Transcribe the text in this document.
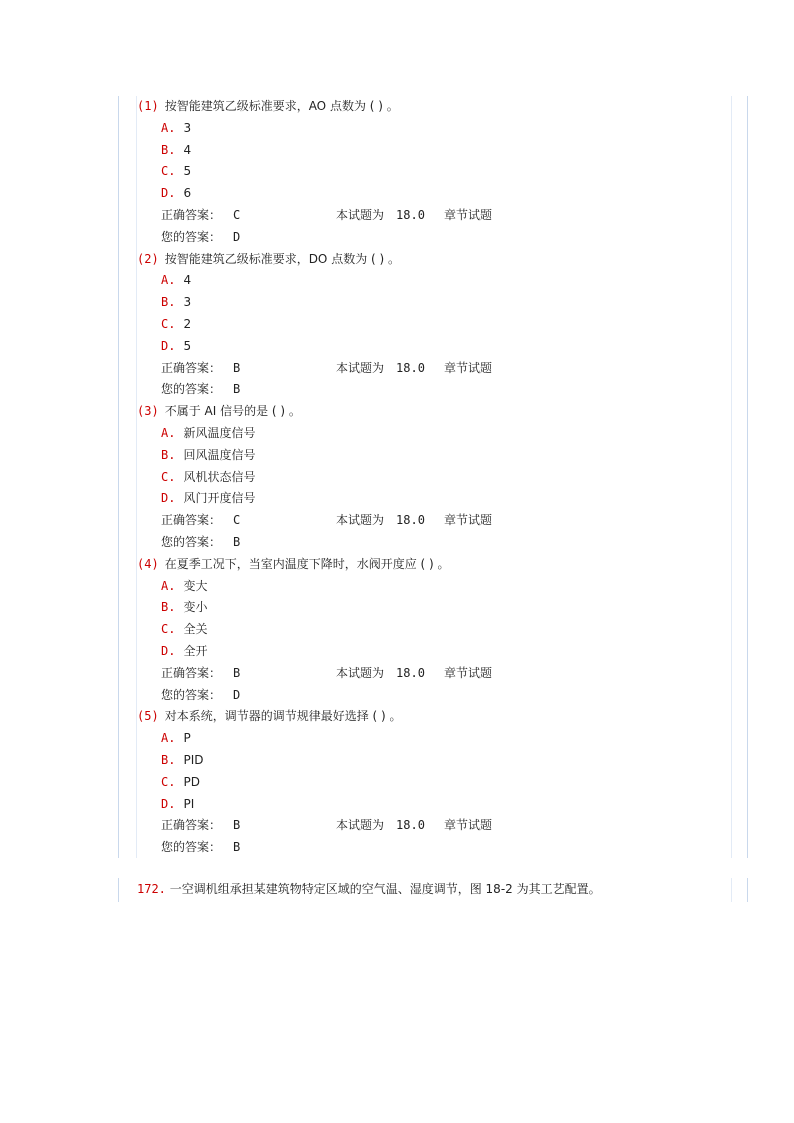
(1) 按智能建筑乙级标准要求，AO 点数为 ( ) 。
A. 3
B. 4
C. 5
D. 6
正确答案： C	本试题为 18.0 章节试题
您的答案： D
(2) 按智能建筑乙级标准要求，DO 点数为 ( ) 。
A. 4
B. 3
C. 2
D. 5
正确答案： B	本试题为 18.0 章节试题
您的答案： B
(3) 不属于 AI 信号的是 ( ) 。
A. 新风温度信号
B. 回风温度信号
C. 风机状态信号
D. 风门开度信号
正确答案： C	本试题为 18.0 章节试题
您的答案： B
(4) 在夏季工况下，当室内温度下降时，水阀开度应 ( ) 。
A. 变大
B. 变小
C. 全关
D. 全开
正确答案： B	本试题为 18.0 章节试题
您的答案： D
(5) 对本系统，调节器的调节规律最好选择 ( ) 。
A. P
B. PID
C. PD
D. PI
正确答案： B	本试题为 18.0 章节试题
您的答案： B
172. 一空调机组承担某建筑物特定区域的空气温、湿度调节，图 18-2 为其工艺配置。
